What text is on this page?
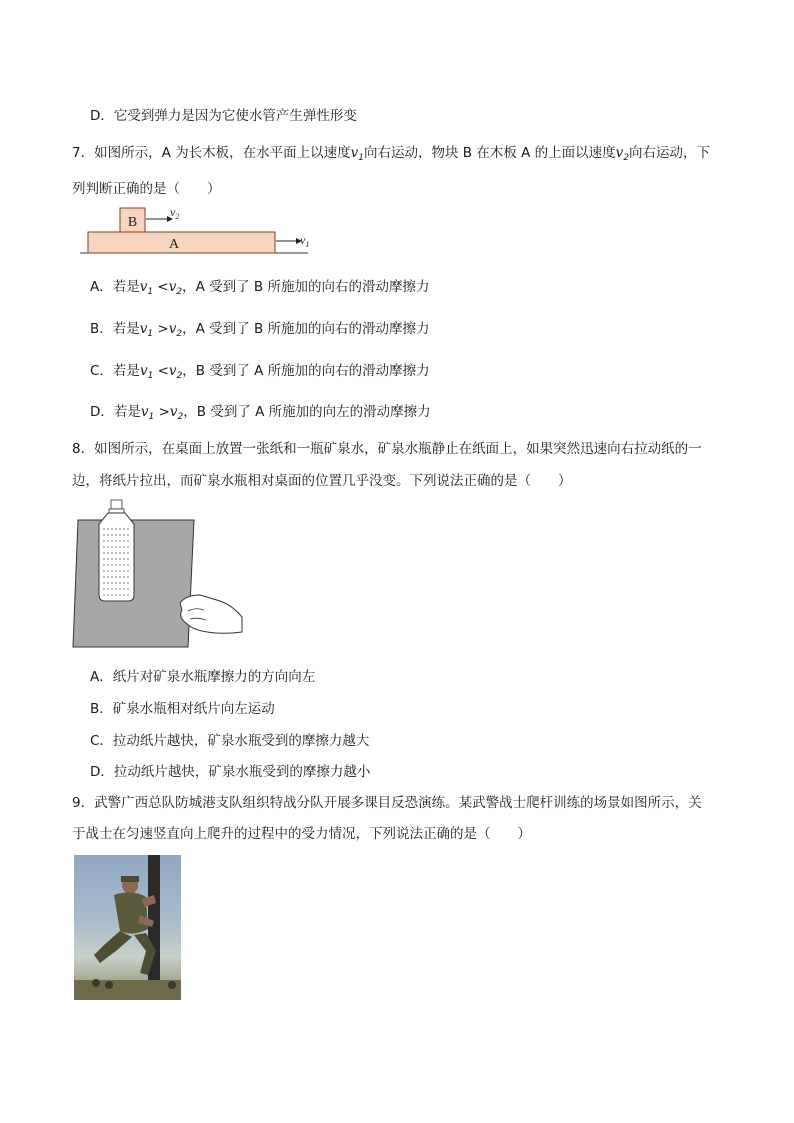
D．它受到弹力是因为它使水管产生弹性形变
7．如图所示，A 为长木板，在水平面上以速度$v_1$向右运动，物块 B 在木板 A 的上面以速度$v_2$向右运动，下
列判断正确的是（　　）
A
B
$v_2$
$v_1$
A．若是$v_1 <v_2$，A 受到了 B 所施加的向右的滑动摩擦力
B．若是$v_1 >v_2$，A 受到了 B 所施加的向右的滑动摩擦力
C．若是$v_1 <v_2$，B 受到了 A 所施加的向右的滑动摩擦力
D．若是$v_1 >v_2$，B 受到了 A 所施加的向左的滑动摩擦力
8．如图所示，在桌面上放置一张纸和一瓶矿泉水，矿泉水瓶静止在纸面上，如果突然迅速向右拉动纸的一
边，将纸片拉出，而矿泉水瓶相对桌面的位置几乎没变。下列说法正确的是（　　）
A．纸片对矿泉水瓶摩擦力的方向向左
B．矿泉水瓶相对纸片向左运动
C．拉动纸片越快，矿泉水瓶受到的摩擦力越大
D．拉动纸片越快，矿泉水瓶受到的摩擦力越小
9．武警广西总队防城港支队组织特战分队开展多课目反恐演练。某武警战士爬杆训练的场景如图所示，关
于战士在匀速竖直向上爬升的过程中的受力情况，下列说法正确的是（　　）
